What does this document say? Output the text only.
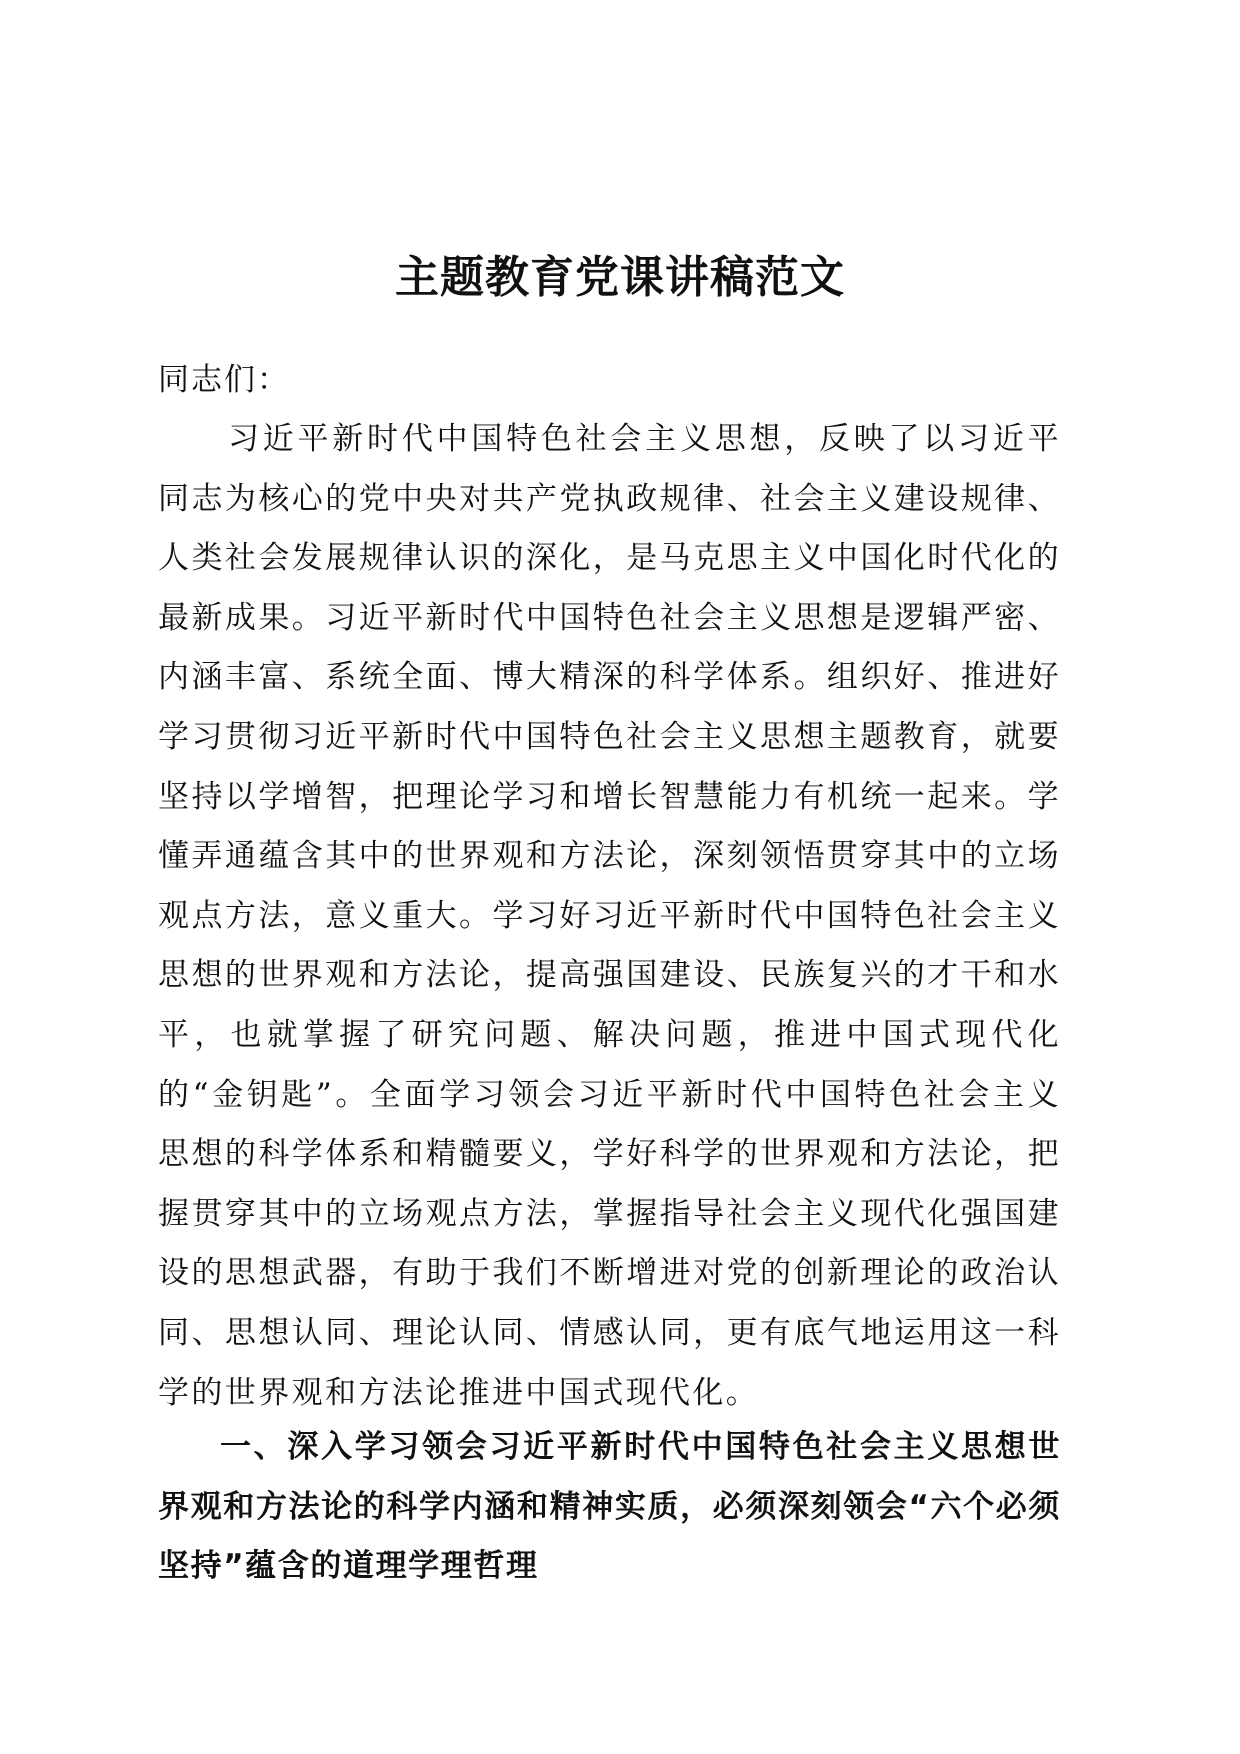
主题教育党课讲稿范文

同志们：

习近平新时代中国特色社会主义思想，反映了以习近平同志为核心的党中央对共产党执政规律、社会主义建设规律、人类社会发展规律认识的深化，是马克思主义中国化时代化的最新成果。习近平新时代中国特色社会主义思想是逻辑严密、内涵丰富、系统全面、博大精深的科学体系。组织好、推进好学习贯彻习近平新时代中国特色社会主义思想主题教育，就要坚持以学增智，把理论学习和增长智慧能力有机统一起来。学懂弄通蕴含其中的世界观和方法论，深刻领悟贯穿其中的立场观点方法，意义重大。学习好习近平新时代中国特色社会主义思想的世界观和方法论，提高强国建设、民族复兴的才干和水平，也就掌握了研究问题、解决问题，推进中国式现代化的“金钥匙”。全面学习领会习近平新时代中国特色社会主义思想的科学体系和精髓要义，学好科学的世界观和方法论，把握贯穿其中的立场观点方法，掌握指导社会主义现代化强国建设的思想武器，有助于我们不断增进对党的创新理论的政治认同、思想认同、理论认同、情感认同，更有底气地运用这一科学的世界观和方法论推进中国式现代化。

一、深入学习领会习近平新时代中国特色社会主义思想世界观和方法论的科学内涵和精神实质，必须深刻领会“六个必须坚持”蕴含的道理学理哲理
